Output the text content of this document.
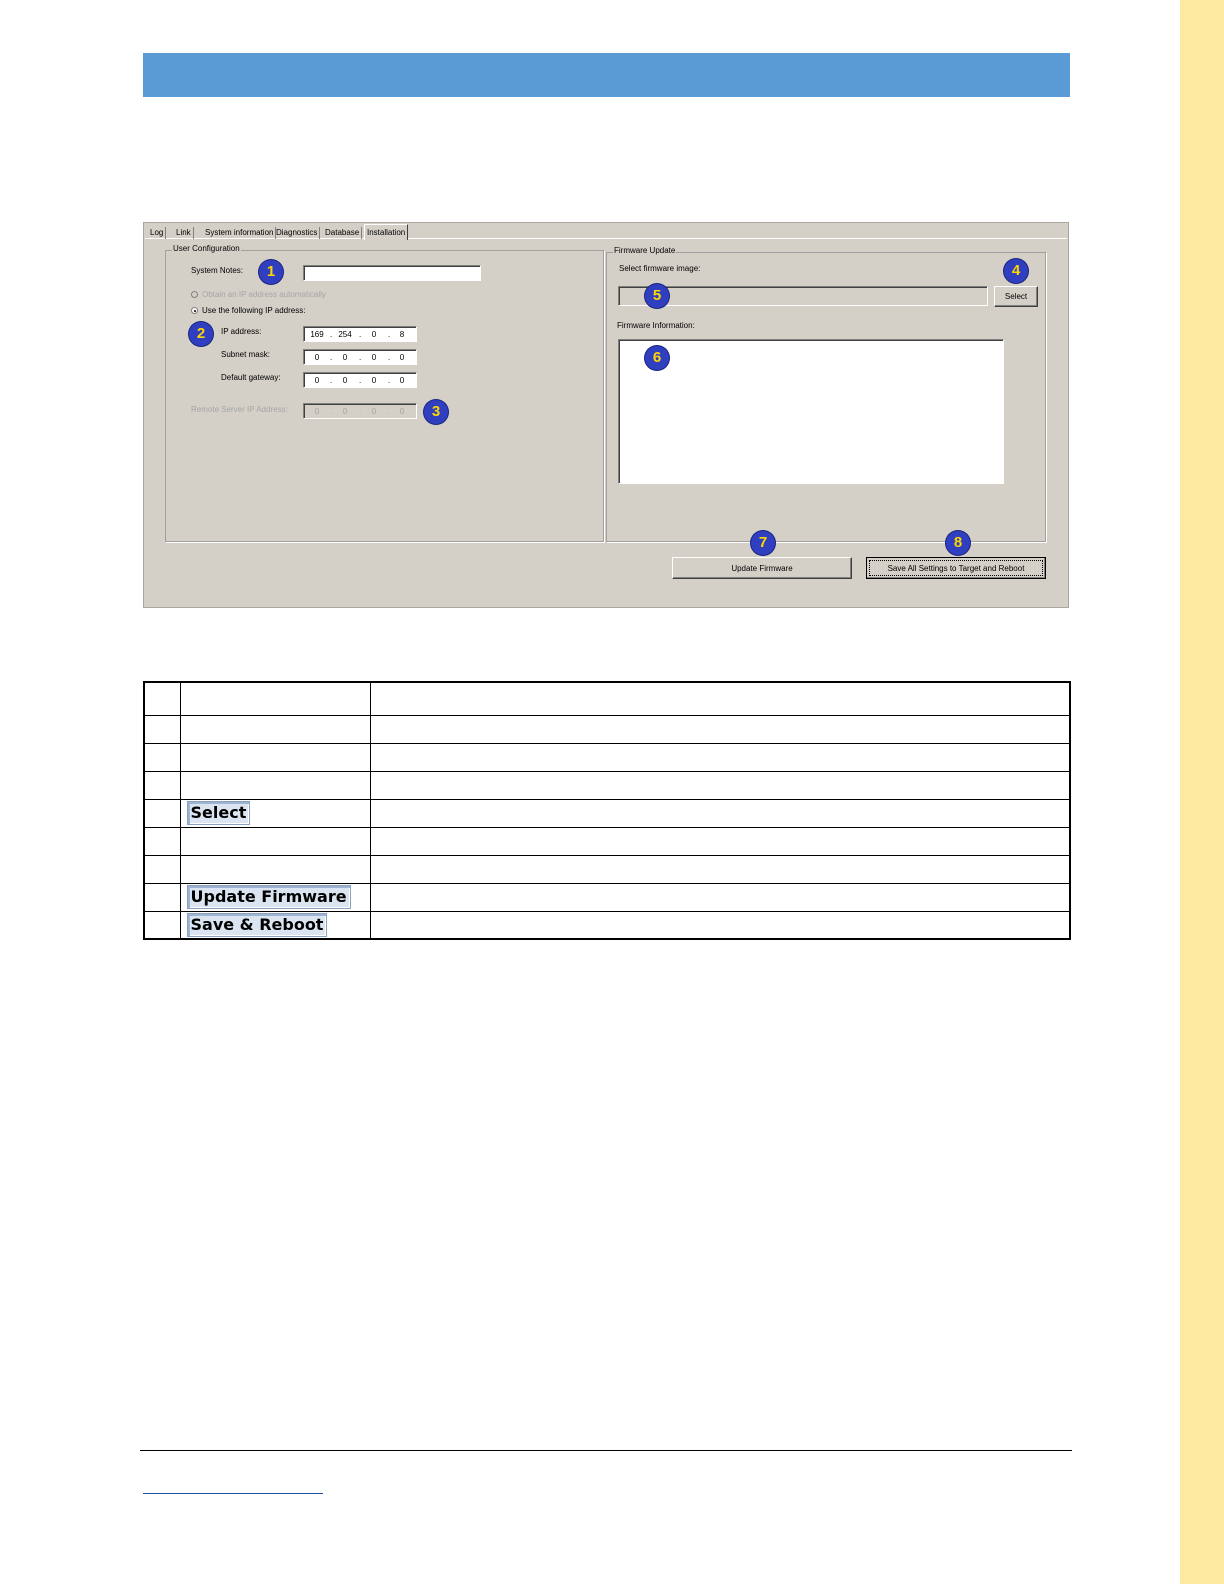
Log	Link	System information Diagnostics Database Installation
User Configuration
System Notes:
Obtain an IP address automatically
Use the following IP address:
IP address:	169 . 254 .	0	.	8
Subnet mask:	0	.	0	.	0	.	0
Default gateway:	0	.	0	.	0	.	0
Remote Server IP Address:	0	.	0	.	0	.	0
Firmware Update
Select firmware image:
Select
Firmware Information:
Update Firmware	Save All Settings to Target and Reboot
1
2
3
4
5
6
7	8

	Select	

	Update Firmware	
	Save & Reboot	
